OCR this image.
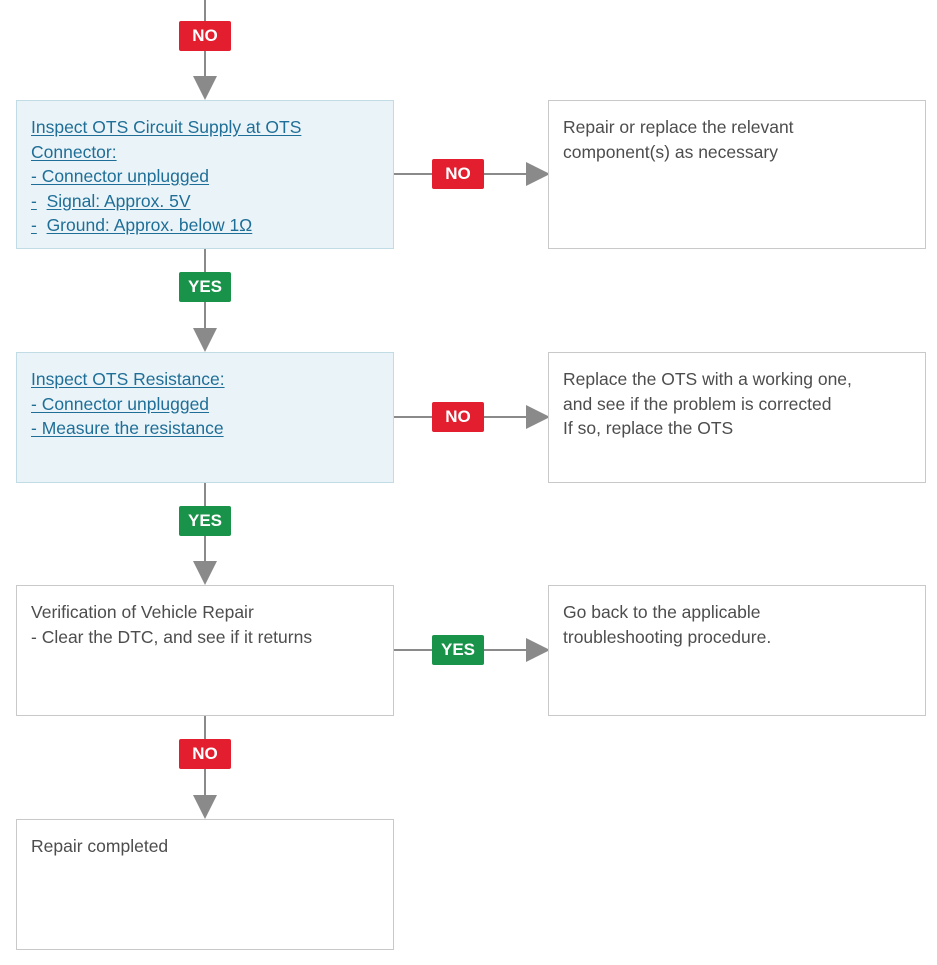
NO
NO
YES
NO
YES
YES
NO
Inspect OTS Circuit Supply at OTS
Connector:
- Connector unplugged
- Signal: Approx. 5V
- Ground: Approx. below 1Ω
Repair or replace the relevant
component(s) as necessary
Inspect OTS Resistance:
- Connector unplugged
- Measure the resistance
Replace the OTS with a working one,
and see if the problem is corrected
If so, replace the OTS
Verification of Vehicle Repair
- Clear the DTC, and see if it returns
Go back to the applicable
troubleshooting procedure.
Repair completed
